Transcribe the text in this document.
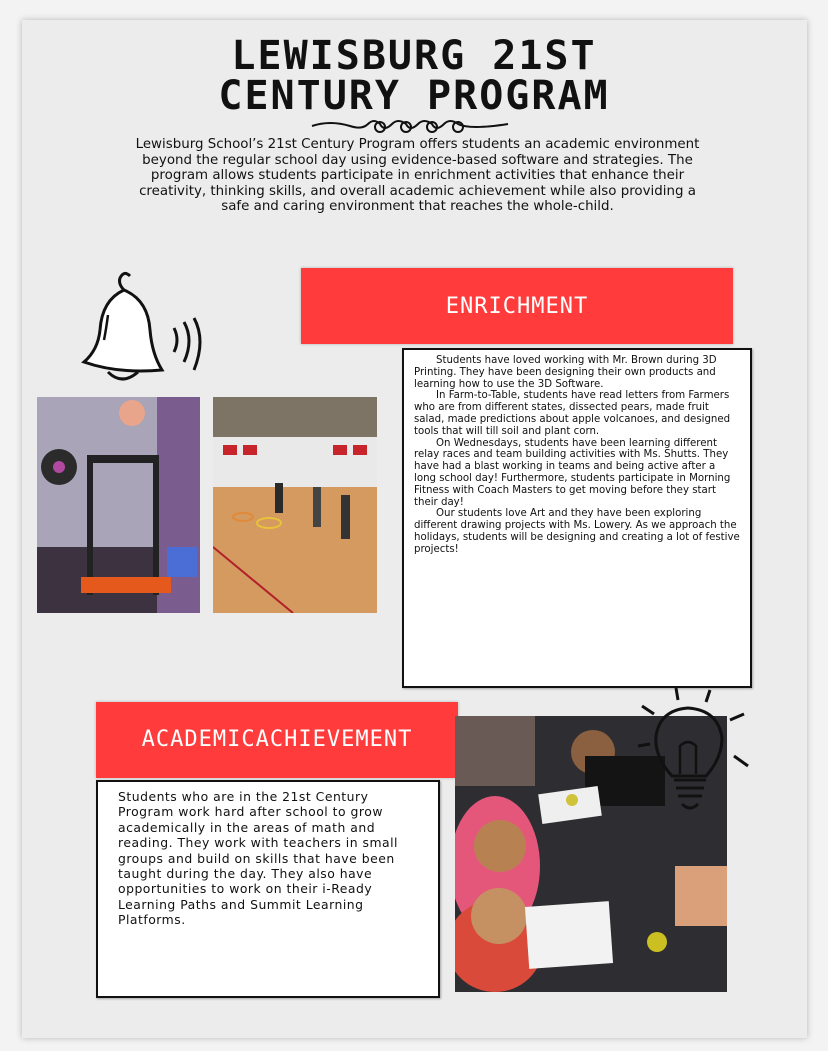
LEWISBURG 21ST
CENTURY PROGRAM

Lewisburg School’s 21st Century Program offers students an academic environment beyond the regular school day using evidence-based software and strategies. The program allows students participate in enrichment activities that enhance their creativity, thinking skills, and overall academic achievement while also providing a safe and caring environment that reaches the whole-child.

ENRICHMENT

Students have loved working with Mr. Brown during 3D Printing. They have been designing their own products and learning how to use the 3D Software.

In Farm-to-Table, students have read letters from Farmers who are from different states, dissected pears, made fruit salad, made predictions about apple volcanoes, and designed tools that will till soil and plant corn.

On Wednesdays, students have been learning different relay races and team building activities with Ms. Shutts. They have had a blast working in teams and being active after a long school day! Furthermore, students participate in Morning Fitness with Coach Masters to get moving before they start their day!

Our students love Art and they have been exploring different drawing projects with Ms. Lowery. As we approach the holidays, students will be designing and creating a lot of festive projects!

ACADEMIC ACHIEVEMENT

Students who are in the 21st Century Program work hard after school to grow academically in the areas of math and reading. They work with teachers in small groups and build on skills that have been taught during the day. They also have opportunities to work on their i-Ready Learning Paths and Summit Learning Platforms.
